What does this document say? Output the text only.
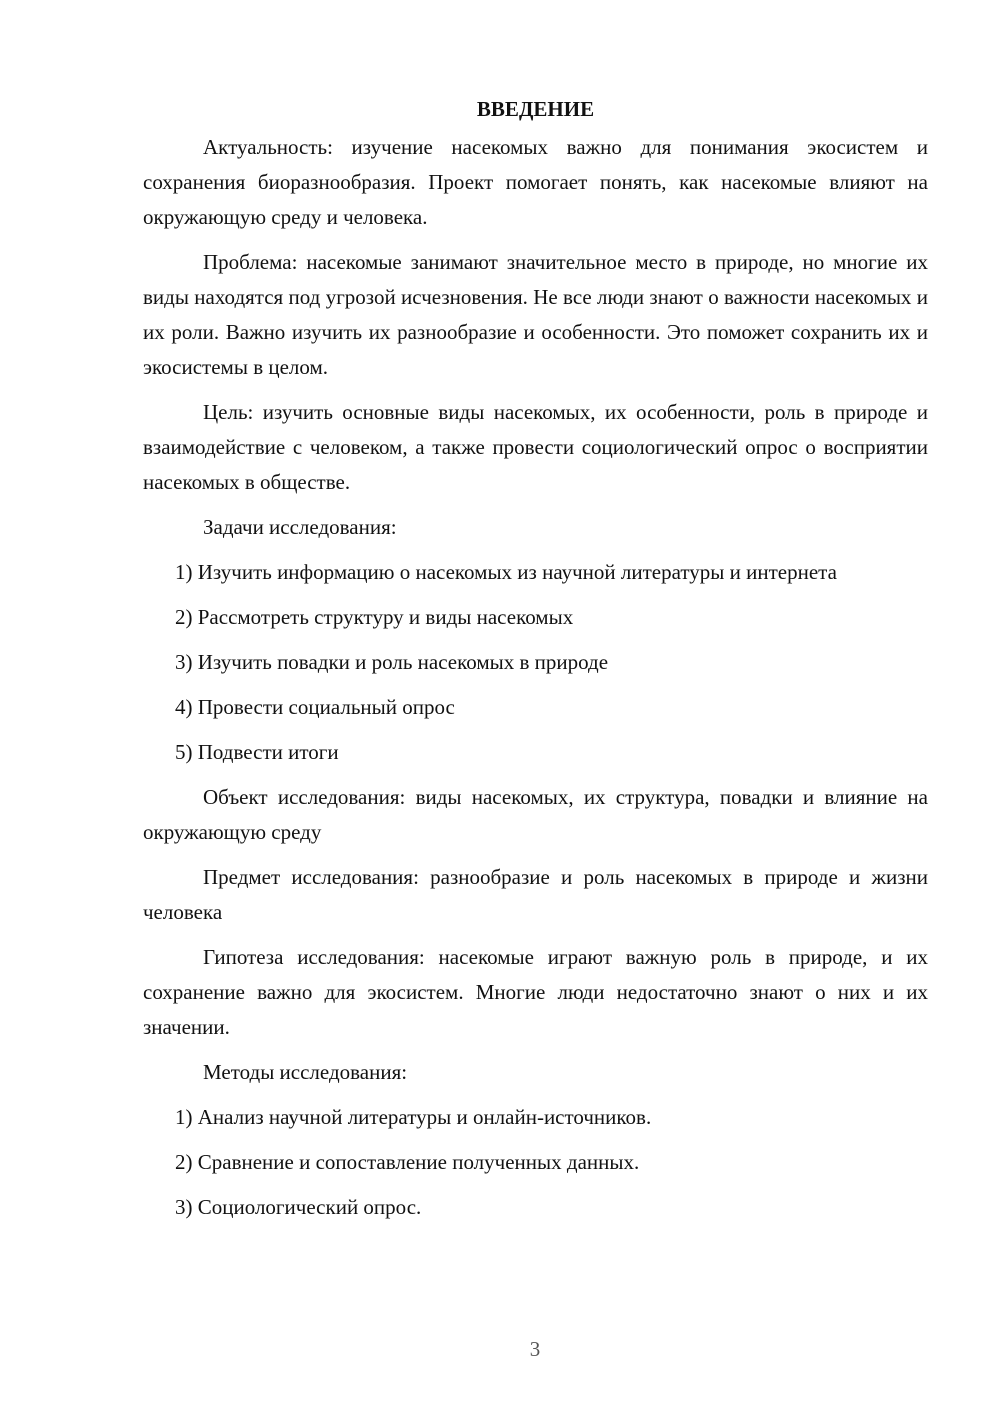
ВВЕДЕНИЕ

Актуальность: изучение насекомых важно для понимания экосистем и сохранения биоразнообразия. Проект помогает понять, как насекомые влияют на окружающую среду и человека.

Проблема: насекомые занимают значительное место в природе, но многие их виды находятся под угрозой исчезновения. Не все люди знают о важности насекомых и их роли. Важно изучить их разнообразие и особенности. Это поможет сохранить их и экосистемы в целом.

Цель: изучить основные виды насекомых, их особенности, роль в природе и взаимодействие с человеком, а также провести социологический опрос о восприятии насекомых в обществе.

Задачи исследования:

1) Изучить информацию о насекомых из научной литературы и интернета

2) Рассмотреть структуру и виды насекомых

3) Изучить повадки и роль насекомых в природе

4) Провести социальный опрос

5) Подвести итоги

Объект исследования: виды насекомых, их структура, повадки и влияние на окружающую среду

Предмет исследования: разнообразие и роль насекомых в природе и жизни человека

Гипотеза исследования: насекомые играют важную роль в природе, и их сохранение важно для экосистем. Многие люди недостаточно знают о них и их значении.

Методы исследования:

1) Анализ научной литературы и онлайн-источников.

2) Сравнение и сопоставление полученных данных.

3) Социологический опрос.

3
